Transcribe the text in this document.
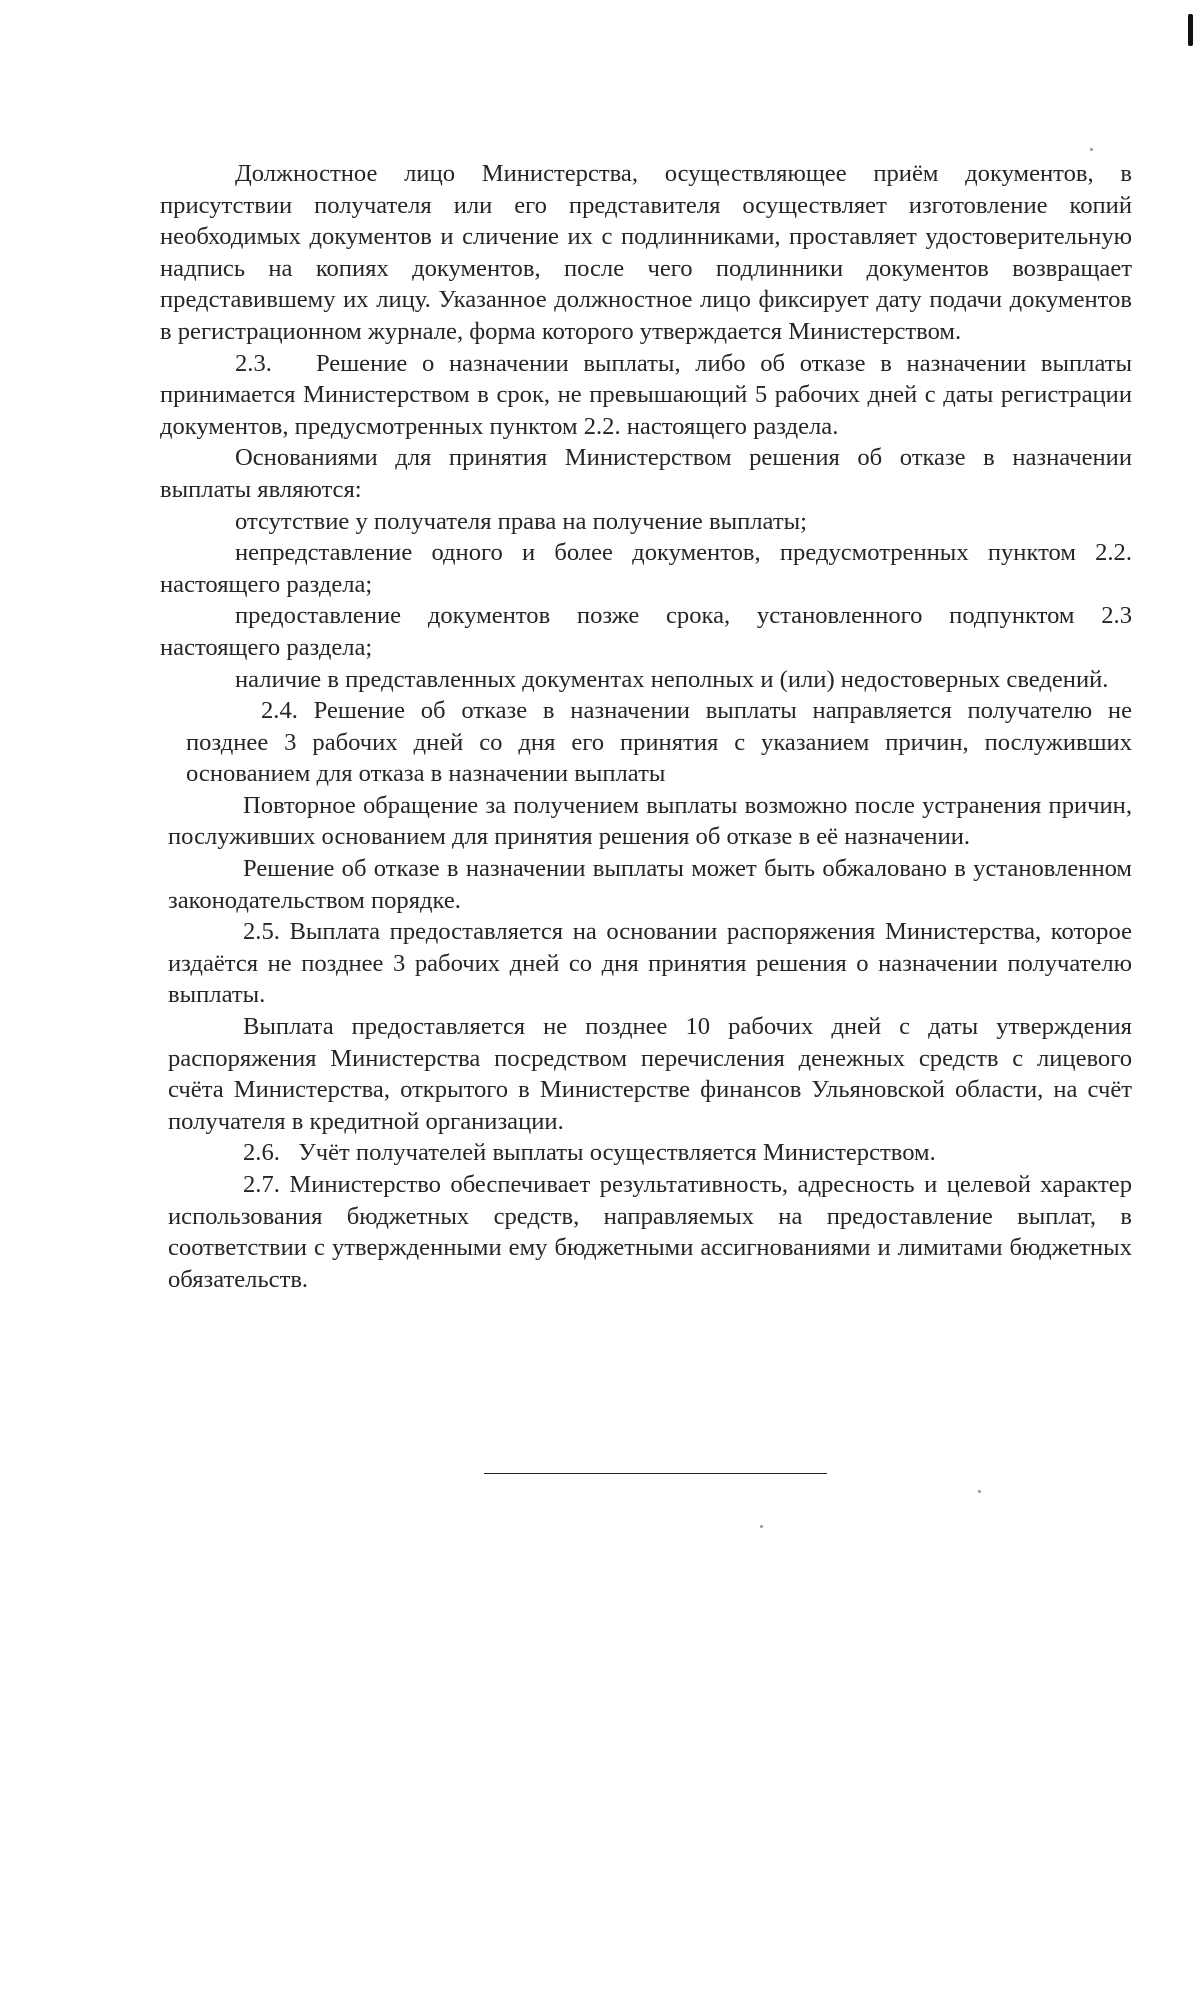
Должностное лицо Министерства, осуществляющее приём документов, в присутствии получателя или его представителя осуществляет изготовление копий необходимых документов и сличение их с подлинниками, проставляет удостоверительную надпись на копиях документов, после чего подлинники документов возвращает представившему их лицу. Указанное должностное лицо фиксирует дату подачи документов в регистрационном журнале, форма которого утверждается Министерством.

2.3.   Решение о назначении выплаты, либо об отказе в назначении выплаты принимается Министерством в срок, не превышающий 5 рабочих дней с даты регистрации документов, предусмотренных пунктом 2.2. настоящего раздела.

Основаниями для принятия Министерством решения об отказе в назначении выплаты являются:

отсутствие у получателя права на получение выплаты;

непредставление одного и более документов, предусмотренных пунктом 2.2. настоящего раздела;

предоставление документов позже срока, установленного подпунктом 2.3 настоящего раздела;

наличие в представленных документах неполных и (или) недостоверных сведений.

2.4. Решение об отказе в назначении выплаты направляется получателю не позднее 3 рабочих дней со дня его принятия с указанием причин, послуживших основанием для отказа в назначении выплаты

Повторное обращение за получением выплаты возможно после устранения причин, послуживших основанием для принятия решения об отказе в её назначении.

Решение об отказе в назначении выплаты может быть обжаловано в установленном законодательством порядке.

2.5. Выплата предоставляется на основании распоряжения Министерства, которое издаётся не позднее 3 рабочих дней со дня принятия решения о назначении получателю выплаты.

Выплата предоставляется не позднее 10 рабочих дней с даты утверждения распоряжения Министерства посредством перечисления денежных средств с лицевого счёта Министерства, открытого в Министерстве финансов Ульяновской области, на счёт получателя в кредитной организации.

2.6.   Учёт получателей выплаты осуществляется Министерством.

2.7. Министерство обеспечивает результативность, адресность и целевой характер использования бюджетных средств, направляемых на предоставление выплат, в соответствии с утвержденными ему бюджетными ассигнованиями и лимитами бюджетных обязательств.
